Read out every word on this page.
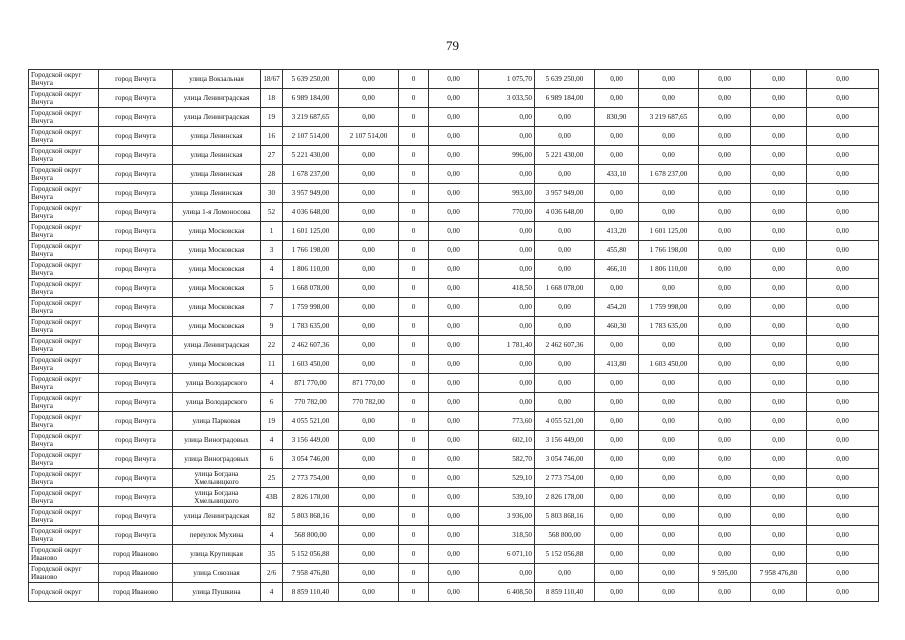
79
Городской округ Вичуга	город Вичуга	улица Вокзальная	18/67	5 639 250,00	0,00	0	0,00	1 075,70	5 639 250,00	0,00	0,00	0,00	0,00	0,00
Городской округ Вичуга	город Вичуга	улица Ленинградская	18	6 989 184,00	0,00	0	0,00	3 033,50	6 989 184,00	0,00	0,00	0,00	0,00	0,00
Городской округ Вичуга	город Вичуга	улица Ленинградская	19	3 219 687,65	0,00	0	0,00	0,00	0,00	830,90	3 219 687,65	0,00	0,00	0,00
Городской округ Вичуга	город Вичуга	улица Ленинская	16	2 107 514,00	2 107 514,00	0	0,00	0,00	0,00	0,00	0,00	0,00	0,00	0,00
Городской округ Вичуга	город Вичуга	улица Ленинская	27	5 221 430,00	0,00	0	0,00	996,00	5 221 430,00	0,00	0,00	0,00	0,00	0,00
Городской округ Вичуга	город Вичуга	улица Ленинская	28	1 678 237,00	0,00	0	0,00	0,00	0,00	433,10	1 678 237,00	0,00	0,00	0,00
Городской округ Вичуга	город Вичуга	улица Ленинская	30	3 957 949,00	0,00	0	0,00	993,00	3 957 949,00	0,00	0,00	0,00	0,00	0,00
Городской округ Вичуга	город Вичуга	улица 1-я Ломоносова	52	4 036 648,00	0,00	0	0,00	770,00	4 036 648,00	0,00	0,00	0,00	0,00	0,00
Городской округ Вичуга	город Вичуга	улица Московская	1	1 601 125,00	0,00	0	0,00	0,00	0,00	413,20	1 601 125,00	0,00	0,00	0,00
Городской округ Вичуга	город Вичуга	улица Московская	3	1 766 198,00	0,00	0	0,00	0,00	0,00	455,80	1 766 198,00	0,00	0,00	0,00
Городской округ Вичуга	город Вичуга	улица Московская	4	1 806 110,00	0,00	0	0,00	0,00	0,00	466,10	1 806 110,00	0,00	0,00	0,00
Городской округ Вичуга	город Вичуга	улица Московская	5	1 668 078,00	0,00	0	0,00	418,50	1 668 078,00	0,00	0,00	0,00	0,00	0,00
Городской округ Вичуга	город Вичуга	улица Московская	7	1 759 998,00	0,00	0	0,00	0,00	0,00	454,20	1 759 998,00	0,00	0,00	0,00
Городской округ Вичуга	город Вичуга	улица Московская	9	1 783 635,00	0,00	0	0,00	0,00	0,00	460,30	1 783 635,00	0,00	0,00	0,00
Городской округ Вичуга	город Вичуга	улица Ленинградская	22	2 462 607,36	0,00	0	0,00	1 781,40	2 462 607,36	0,00	0,00	0,00	0,00	0,00
Городской округ Вичуга	город Вичуга	улица Московская	11	1 603 450,00	0,00	0	0,00	0,00	0,00	413,80	1 603 450,00	0,00	0,00	0,00
Городской округ Вичуга	город Вичуга	улица Володарского	4	871 770,00	871 770,00	0	0,00	0,00	0,00	0,00	0,00	0,00	0,00	0,00
Городской округ Вичуга	город Вичуга	улица Володарского	6	770 782,00	770 782,00	0	0,00	0,00	0,00	0,00	0,00	0,00	0,00	0,00
Городской округ Вичуга	город Вичуга	улица Парковая	19	4 055 521,00	0,00	0	0,00	773,60	4 055 521,00	0,00	0,00	0,00	0,00	0,00
Городской округ Вичуга	город Вичуга	улица Виноградовых	4	3 156 449,00	0,00	0	0,00	602,10	3 156 449,00	0,00	0,00	0,00	0,00	0,00
Городской округ Вичуга	город Вичуга	улица Виноградовых	6	3 054 746,00	0,00	0	0,00	582,70	3 054 746,00	0,00	0,00	0,00	0,00	0,00
Городской округ Вичуга	город Вичуга	улица Богдана Хмельницкого	25	2 773 754,00	0,00	0	0,00	529,10	2 773 754,00	0,00	0,00	0,00	0,00	0,00
Городской округ Вичуга	город Вичуга	улица Богдана Хмельницкого	43В	2 826 178,00	0,00	0	0,00	539,10	2 826 178,00	0,00	0,00	0,00	0,00	0,00
Городской округ Вичуга	город Вичуга	улица Ленинградская	82	5 803 868,16	0,00	0	0,00	3 936,00	5 803 868,16	0,00	0,00	0,00	0,00	0,00
Городской округ Вичуга	город Вичуга	переулок Мухина	4	568 800,00	0,00	0	0,00	318,50	568 800,00	0,00	0,00	0,00	0,00	0,00
Городской округ Иваново	город Иваново	улица Крупицкая	35	5 152 056,88	0,00	0	0,00	6 071,10	5 152 056,88	0,00	0,00	0,00	0,00	0,00
Городской округ Иваново	город Иваново	улица Союзная	2/6	7 958 476,80	0,00	0	0,00	0,00	0,00	0,00	0,00	9 595,00	7 958 476,80	0,00
Городской округ	город Иваново	улица Пушкина	4	8 859 110,40	0,00	0	0,00	6 408,50	8 859 110,40	0,00	0,00	0,00	0,00	0,00
